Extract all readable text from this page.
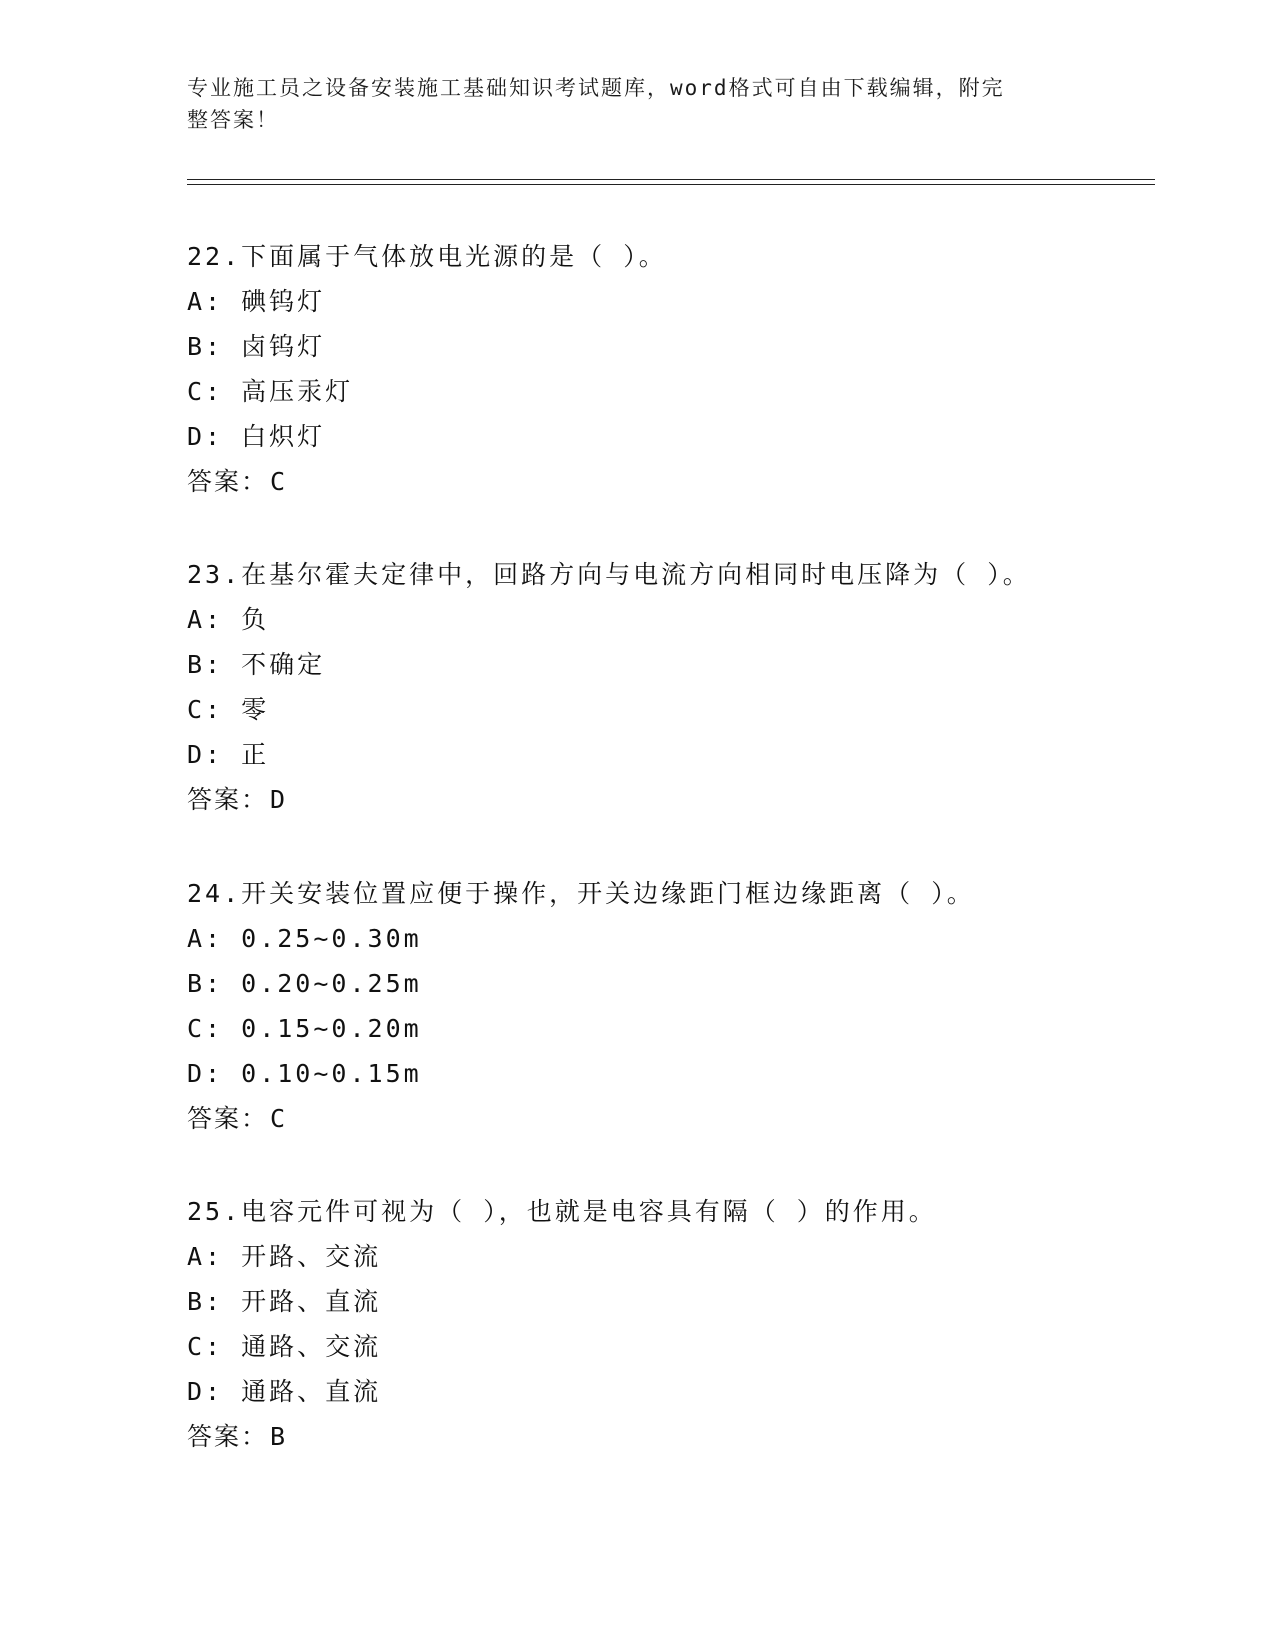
专业施工员之设备安装施工基础知识考试题库，word格式可自由下载编辑，附完
整答案！
22.下面属于气体放电光源的是（ ）。
A: 碘钨灯
B: 卤钨灯
C: 高压汞灯
D: 白炽灯
答案：C
23.在基尔霍夫定律中，回路方向与电流方向相同时电压降为（ ）。
A: 负
B: 不确定
C: 零
D: 正
答案：D
24.开关安装位置应便于操作，开关边缘距门框边缘距离（ ）。
A: 0.25~0.30m
B: 0.20~0.25m
C: 0.15~0.20m
D: 0.10~0.15m
答案：C
25.电容元件可视为（ ），也就是电容具有隔（ ）的作用。
A: 开路、交流
B: 开路、直流
C: 通路、交流
D: 通路、直流
答案：B
